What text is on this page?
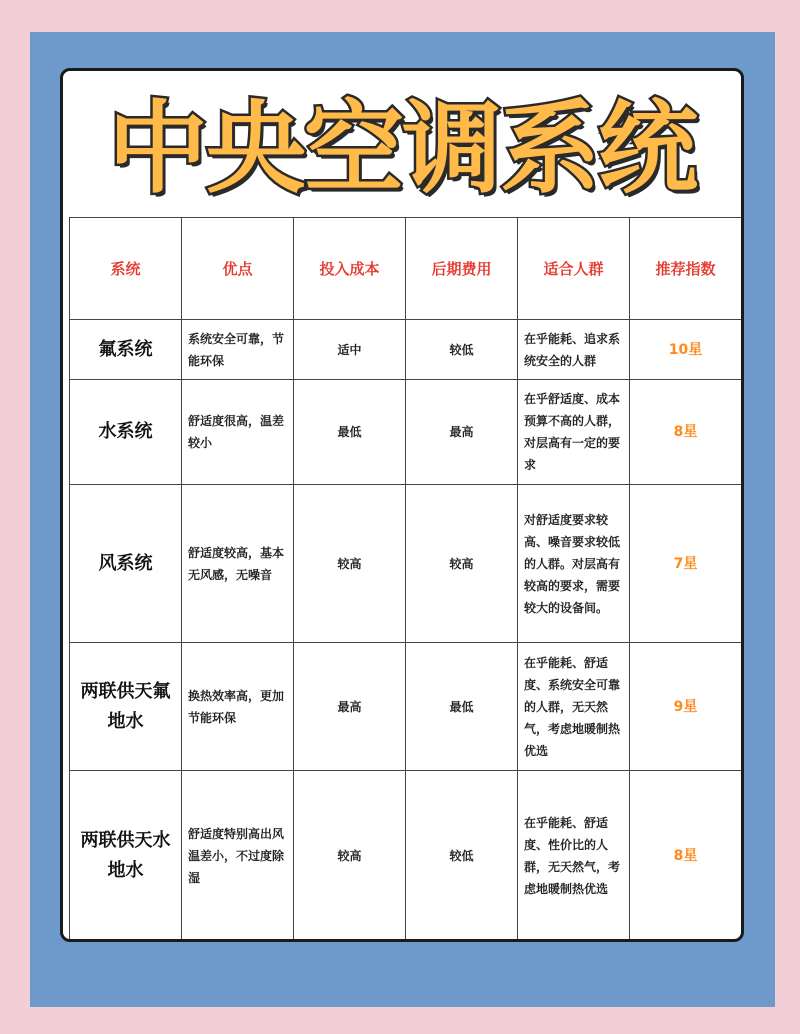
中央空调系统
系统	优点	投入成本	后期费用	适合人群	推荐指数
氟系统	系统安全可靠，节能环保	适中	较低	在乎能耗、追求系统安全的人群	10星
水系统	舒适度很高，温差较小	最低	最高	在乎舒适度、成本预算不高的人群，对层高有一定的要求	8星
风系统	舒适度较高，基本无风感，无噪音	较高	较高	对舒适度要求较高、噪音要求较低的人群。对层高有较高的要求，需要较大的设备间。	7星
两联供天氟地水	换热效率高，更加节能环保	最高	最低	在乎能耗、舒适度、系统安全可靠的人群，无天然气，考虑地暖制热优选	9星
两联供天水地水	舒适度特别高出风温差小，不过度除湿	较高	较低	在乎能耗、舒适度、性价比的人群，无天然气，考虑地暖制热优选	8星
